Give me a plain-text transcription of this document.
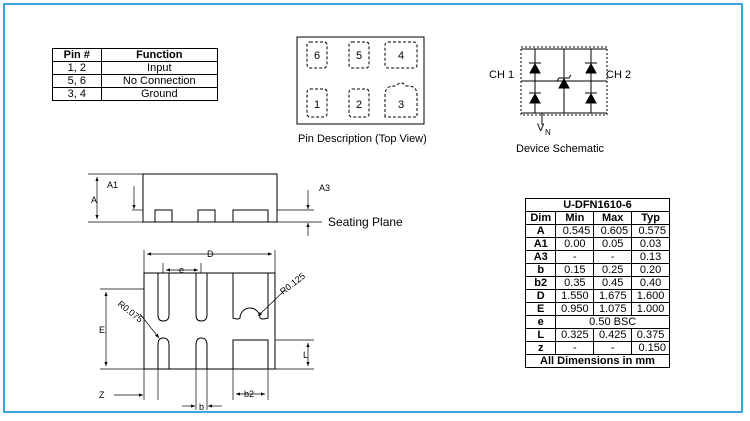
Pin #	Function
1, 2	Input
5, 6	No Connection
3, 4	Ground
6	5	4
1	2	3
Pin Description (Top View)
CH 1	CH 2
V N
Device Schematic
A1
A
A3
Seating Plane
D
e
E
L
Z
b
b2
R0.075
R0.125
U-DFN1610-6			
Dim	Min	Max	Typ
A	0.545	0.605	0.575
A1	0.00	0.05	0.03
A3	-	-	0.13
b	0.15	0.25	0.20
b2	0.35	0.45	0.40
D	1.550	1.675	1.600
E	0.950	1.075	1.000
e	0.50 BSC		
L	0.325	0.425	0.375
z	-	-	0.150
All Dimensions in mm			
